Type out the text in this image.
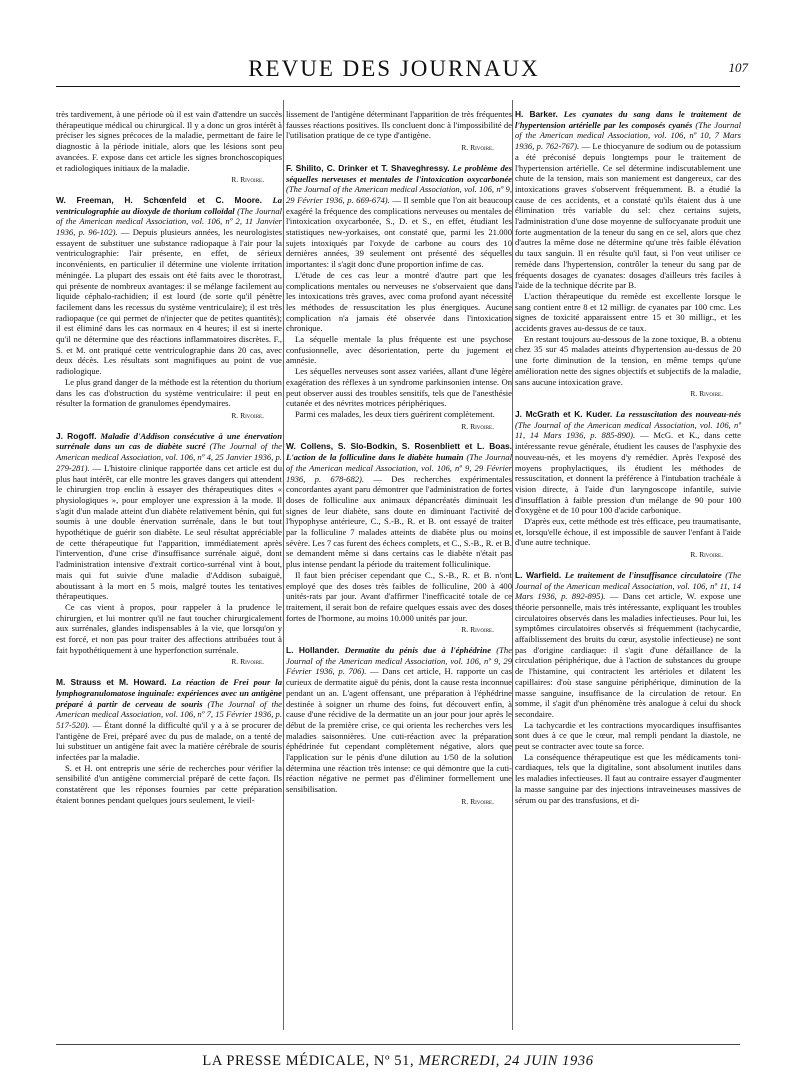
REVUE DES JOURNAUX	107

très tardivement, à une période où il est vain d'attendre un succès thérapeutique médical ou chirurgical. Il y a donc un gros intérêt à préciser les signes précoces de la maladie, permettant de faire le diagnostic à la période initiale, alors que les lésions sont peu avancées. F. expose dans cet article les signes bronchoscopiques et radiologiques initiaux de la maladie.

R. Rivoire.

W. Freeman, H. Schœnfeld et C. Moore. La ventriculographie au dioxyde de thorium colloïdal (The Journal of the American medical Association, vol. 106, nº 2, 11 Janvier 1936, p. 96-102). — Depuis plusieurs années, les neurologistes essayent de substituer une substance radiopaque à l'air pour la ventriculographie: l'air présente, en effet, de sérieux inconvénients, en particulier il détermine une violente irritation méningée. La plupart des essais ont été faits avec le thorotrast, qui présente de nombreux avantages: il se mélange facilement au liquide céphalo-rachidien; il est lourd (de sorte qu'il pénètre facilement dans les recessus du système ventriculaire); il est très radiopaque (ce qui permet de n'injecter que de petites quantités); il est éliminé dans les cas normaux en 4 heures; il est si inerte qu'il ne détermine que des réactions inflammatoires discrètes. F., S. et M. ont pratiqué cette ventriculographie dans 20 cas, avec deux décès. Les résultats sont magnifiques au point de vue radiologique.

Le plus grand danger de la méthode est la rétention du thorium dans les cas d'obstruction du système ventriculaire: il peut en résulter la formation de granulomes épendymaires.

R. Rivoire.

J. Rogoff. Maladie d'Addison consécutive à une énervation surrénale dans un cas de diabète sucré (The Journal of the American medical Association, vol. 106, nº 4, 25 Janvier 1936, p. 279-281). — L'histoire clinique rapportée dans cet article est du plus haut intérêt, car elle montre les graves dangers qui attendent le chirurgien trop enclin à essayer des thérapeutiques dites « physiologiques », pour employer une expression à la mode. Il s'agit d'un malade atteint d'un diabète relativement bénin, qui fut soumis à une double énervation surrénale, dans le but tout hypothétique de guérir son diabète. Le seul résultat appréciable de cette thérapeutique fut l'apparition, immédiatement après l'intervention, d'une crise d'insuffisance surrénale aiguë, dont l'administration intensive d'extrait cortico-surrénal vint à bout, mais qui fut suivie d'une maladie d'Addison subaiguë, aboutissant à la mort en 5 mois, malgré toutes les tentatives thérapeutiques.

Ce cas vient à propos, pour rappeler à la prudence le chirurgien, et lui montrer qu'il ne faut toucher chirurgicalement aux surrénales, glandes indispensables à la vie, que lorsqu'on y est forcé, et non pas pour traiter des affections attribuées tout à fait hypothétiquement à une hyperfonction surrénale.

R. Rivoire.

M. Strauss et M. Howard. La réaction de Frei pour la lymphogranulomatose inguinale: expériences avec un antigène préparé à partir de cerveau de souris (The Journal of the American medical Association, vol. 106, nº 7, 15 Février 1936, p. 517-520). — Étant donné la difficulté qu'il y a à se procurer de l'antigène de Frei, préparé avec du pus de malade, on a tenté de lui substituer un antigène fait avec la matière cérébrale de souris infectées par la maladie.

S. et H. ont entrepris une série de recherches pour vérifier la sensibilité d'un antigène commercial préparé de cette façon. Ils constatèrent que les réponses fournies par cette préparation étaient bonnes pendant quelques jours seulement, le vieil-

lissement de l'antigène déterminant l'apparition de très fréquentes fausses réactions positives. Ils concluent donc à l'impossibilité de l'utilisation pratique de ce type d'antigène.

R. Rivoire.

F. Shilito, C. Drinker et T. Shaveghressy. Le problème des séquelles nerveuses et mentales de l'intoxication oxycarbonée (The Journal of the American medical Association, vol. 106, nº 9, 29 Février 1936, p. 669-674). — Il semble que l'on ait beaucoup exagéré la fréquence des complications nerveuses ou mentales de l'intoxication oxycarbonée, S., D. et S., en effet, étudiant les statistiques new-yorkaises, ont constaté que, parmi les 21.000 sujets intoxiqués par l'oxyde de carbone au cours des 10 dernières années, 39 seulement ont présenté des séquelles importantes: il s'agit donc d'une proportion infime de cas.

L'étude de ces cas leur a montré d'autre part que les complications mentales ou nerveuses ne s'observaient que dans les intoxications très graves, avec coma profond ayant nécessité les méthodes de ressuscitation les plus énergiques. Aucune complication n'a jamais été observée dans l'intoxication chronique.

La séquelle mentale la plus fréquente est une psychose confusionnelle, avec désorientation, perte du jugement et amnésie.

Les séquelles nerveuses sont assez variées, allant d'une légère exagération des réflexes à un syndrome parkinsonien intense. On peut observer aussi des troubles sensitifs, tels que de l'anesthésie cutanée et des névrites motrices périphériques.

Parmi ces malades, les deux tiers guérirent complètement.

R. Rivoire.

W. Collens, S. Slo-Bodkin, S. Rosenbliett et L. Boas. L'action de la folliculine dans le diabète humain (The Journal of the American medical Association, vol. 106, nº 9, 29 Février 1936, p. 678-682). — Des recherches expérimentales concordantes ayant paru démontrer que l'administration de fortes doses de folliculine aux animaux dépancréatés diminuait les signes de leur diabète, sans doute en diminuant l'activité de l'hypophyse antérieure, C., S.-B., R. et B. ont essayé de traiter par la folliculine 7 malades atteints de diabète plus ou moins sévère. Les 7 cas furent des échecs complets, et C., S.-B., R. et B. se demandent même si dans certains cas le diabète n'était pas plus intense pendant la période du traitement folliculinique.

Il faut bien préciser cependant que C., S.-B., R. et B. n'ont employé que des doses très faibles de folliculine, 200 à 400 unités-rats par jour. Avant d'affirmer l'inefficacité totale de ce traitement, il serait bon de refaire quelques essais avec des doses fortes de l'hormone, au moins 10.000 unités par jour.

R. Rivoire.

L. Hollander. Dermatite du pénis due à l'éphédrine (The Journal of the American medical Association, vol. 106, nº 9, 29 Février 1936, p. 706). — Dans cet article, H. rapporte un cas curieux de dermatite aiguë du pénis, dont la cause resta inconnue pendant un an. L'agent offensant, une préparation à l'éphédrine destinée à soigner un rhume des foins, fut découvert enfin, à cause d'une récidive de la dermatite un an jour pour jour après le début de la première crise, ce qui orienta les recherches vers les maladies saisonnières. Une cuti-réaction avec la préparation éphédrinée fut cependant complètement négative, alors que l'application sur le pénis d'une dilution au 1/50 de la solution détermina une réaction très intense: ce qui démontre que la cuti-réaction négative ne permet pas d'éliminer formellement une sensibilisation.

R. Rivoire.

H. Barker. Les cyanates du sang dans le traitement de l'hypertension artérielle par les composés cyanés (The Journal of the American medical Association, vol. 106, nº 10, 7 Mars 1936, p. 762-767). — Le thiocyanure de sodium ou de potassium a été préconisé depuis longtemps pour le traitement de l'hypertension artérielle. Ce sel détermine indiscutablement une chute de la tension, mais son maniement est dangereux, car des intoxications graves s'observent fréquemment. B. a étudié la cause de ces accidents, et a constaté qu'ils étaient dus à une élimination très variable du sel: chez certains sujets, l'administration d'une dose moyenne de sulfocyanate produit une forte augmentation de la teneur du sang en ce sel, alors que chez d'autres la même dose ne détermine qu'une très faible élévation du taux sanguin. Il en résulte qu'il faut, si l'on veut utiliser ce remède dans l'hypertension, contrôler la teneur du sang par de fréquents dosages de cyanates: dosages d'ailleurs très faciles à l'aide de la technique décrite par B.

L'action thérapeutique du remède est excellente lorsque le sang contient entre 8 et 12 milligr. de cyanates par 100 cmc. Les signes de toxicité apparaissent entre 15 et 30 milligr., et les accidents graves au-dessus de ce taux.

En restant toujours au-dessous de la zone toxique, B. a obtenu chez 35 sur 45 malades atteints d'hypertension au-dessus de 20 une forte diminution de la tension, en même temps qu'une amélioration nette des signes objectifs et subjectifs de la maladie, sans aucune intoxication grave.

R. Rivoire.

J. McGrath et K. Kuder. La ressuscitation des nouveau-nés (The Journal of the American medical Association, vol. 106, nº 11, 14 Mars 1936, p. 885-890). — McG. et K., dans cette intéressante revue générale, étudient les causes de l'asphyxie des nouveau-nés, et les moyens d'y remédier. Après l'exposé des moyens prophylactiques, ils étudient les méthodes de ressuscitation, et donnent la préférence à l'intubation trachéale à vision directe, à l'aide d'un laryngoscope infantile, suivie d'insufflation à faible pression d'un mélange de 90 pour 100 d'oxygène et de 10 pour 100 d'acide carbonique.

D'après eux, cette méthode est très efficace, peu traumatisante, et, lorsqu'elle échoue, il est impossible de sauver l'enfant à l'aide d'une autre technique.

R. Rivoire.

L. Warfield. Le traitement de l'insuffisance circulatoire (The Journal of the American medical Association, vol. 106, nº 11, 14 Mars 1936, p. 892-895). — Dans cet article, W. expose une théorie personnelle, mais très intéressante, expliquant les troubles circulatoires observés dans les maladies infectieuses. Pour lui, les symptômes circulatoires observés si fréquemment (tachycardie, affaiblissement des bruits du cœur, asystolie infectieuse) ne sont pas d'origine cardiaque: il s'agit d'une défaillance de la circulation périphérique, due à l'action de substances du groupe de l'histamine, qui contractent les artérioles et dilatent les capillaires: d'où stase sanguine périphérique, diminution de la masse sanguine, insuffisance de la circulation de retour. En somme, il s'agit d'un phénomène très analogue à celui du shock secondaire.

La tachycardie et les contractions myocardiques insuffisantes sont dues à ce que le cœur, mal rempli pendant la diastole, ne peut se contracter avec toute sa force.

La conséquence thérapeutique est que les médicaments toni-cardiaques, tels que la digitaline, sont absolument inutiles dans les maladies infectieuses. Il faut au contraire essayer d'augmenter la masse sanguine par des injections intraveineuses massives de sérum ou par des transfusions, et di-

LA PRESSE MÉDICALE, Nº 51, MERCREDI, 24 JUIN 1936
